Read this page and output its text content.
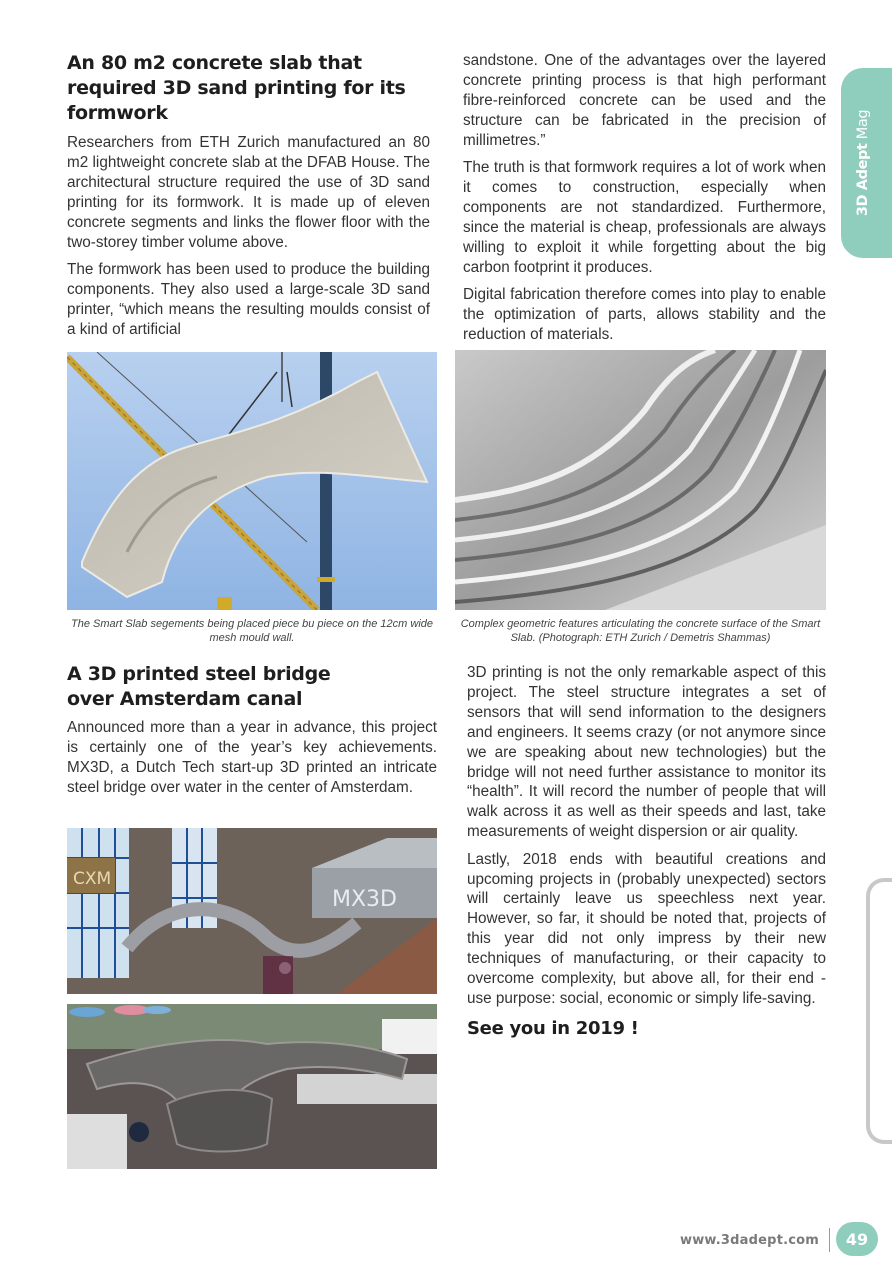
3D Adept Mag
An 80 m2 concrete slab that required 3D sand printing for its formwork

Researchers from ETH Zurich manufactured an 80 m2 lightweight concrete slab at the DFAB House. The architectural structure required the use of 3D sand printing for its formwork. It is made up of eleven concrete segments and links the flower floor with the two-storey timber volume above.

The formwork has been used to produce the building components. They also used a large-scale 3D sand printer, “which means the resulting moulds consist of a kind of artificial

sandstone. One of the advantages over the layered concrete printing process is that high performant fibre-reinforced concrete can be used and the structure can be fabricated in the precision of millimetres.”

The truth is that formwork requires a lot of work when it comes to construction, especially when components are not standardized. Furthermore, since the material is cheap, professionals are always willing to exploit it while forgetting about the big carbon footprint it produces.

Digital fabrication therefore comes into play to enable the optimization of parts, allows stability and the reduction of materials.

The Smart Slab segements being placed piece bu piece on the 12cm wide mesh mould wall.
Complex geometric features articulating the concrete surface of the Smart Slab. (Photograph: ETH Zurich / Demetris Shammas)
A 3D printed steel bridge over Amsterdam canal

Announced more than a year in advance, this project is certainly one of the year’s key achievements. MX3D, a Dutch Tech start-up 3D printed an intricate steel bridge over water in the center of Amsterdam.

CXM
MX3D

3D printing is not the only remarkable aspect of this project. The steel structure integrates a set of sensors that will send information to the designers and engineers. It seems crazy (or not anymore since we are speaking about new technologies) but the bridge will not need further assistance to monitor its “health”. It will record the number of people that will walk across it as well as their speeds and last, take measurements of weight dispersion or air quality.

Lastly, 2018 ends with beautiful creations and upcoming projects in (probably unexpected) sectors will certainly leave us speechless next year. However, so far, it should be noted that, projects of this year did not only impress by their new techniques of manufacturing, or their capacity to overcome complexity, but above all, for their end -use purpose: social, economic or simply life-saving.

See you in 2019 !
www.3dadept.com	49
